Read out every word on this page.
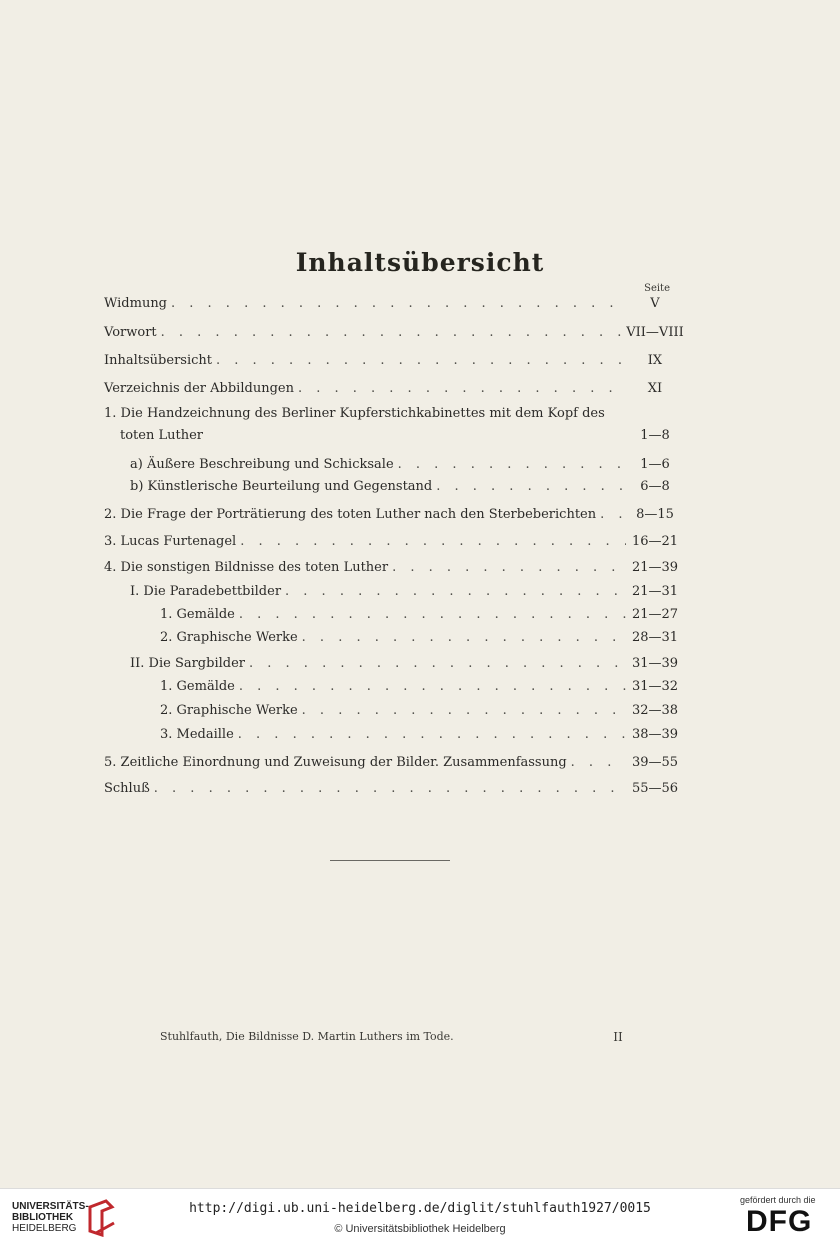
Inhaltsübersicht
Seite
Widmung . . .	V
Vorwort . . .	VII—VIII
Inhaltsübersicht . . .	IX
Verzeichnis der Abbildungen . . .	XI
1. Die Handzeichnung des Berliner Kupferstichkabinettes mit dem Kopf des
toten Luther	1—8
a) Äußere Beschreibung und Schicksale . . .	1—6
b) Künstlerische Beurteilung und Gegenstand . . .	6—8
2. Die Frage der Porträtierung des toten Luther nach den Sterbeberichten . . .	8—15
3. Lucas Furtenagel . . .	16—21
4. Die sonstigen Bildnisse des toten Luther . . .	21—39
I. Die Paradebettbilder . . .	21—31
1. Gemälde . . .	21—27
2. Graphische Werke . . .	28—31
II. Die Sargbilder . . .	31—39
1. Gemälde . . .	31—32
2. Graphische Werke . . .	32—38
3. Medaille . . .	38—39
5. Zeitliche Einordnung und Zuweisung der Bilder. Zusammenfassung . . .	39—55
Schluß . . .	55—56
Stuhlfauth, Die Bildnisse D. Martin Luthers im Tode.	II
UNIVERSITÄTS-
BIBLIOTHEK
HEIDELBERG
http://digi.ub.uni-heidelberg.de/diglit/stuhlfauth1927/0015
© Universitätsbibliothek Heidelberg
gefördert durch die
DFG
